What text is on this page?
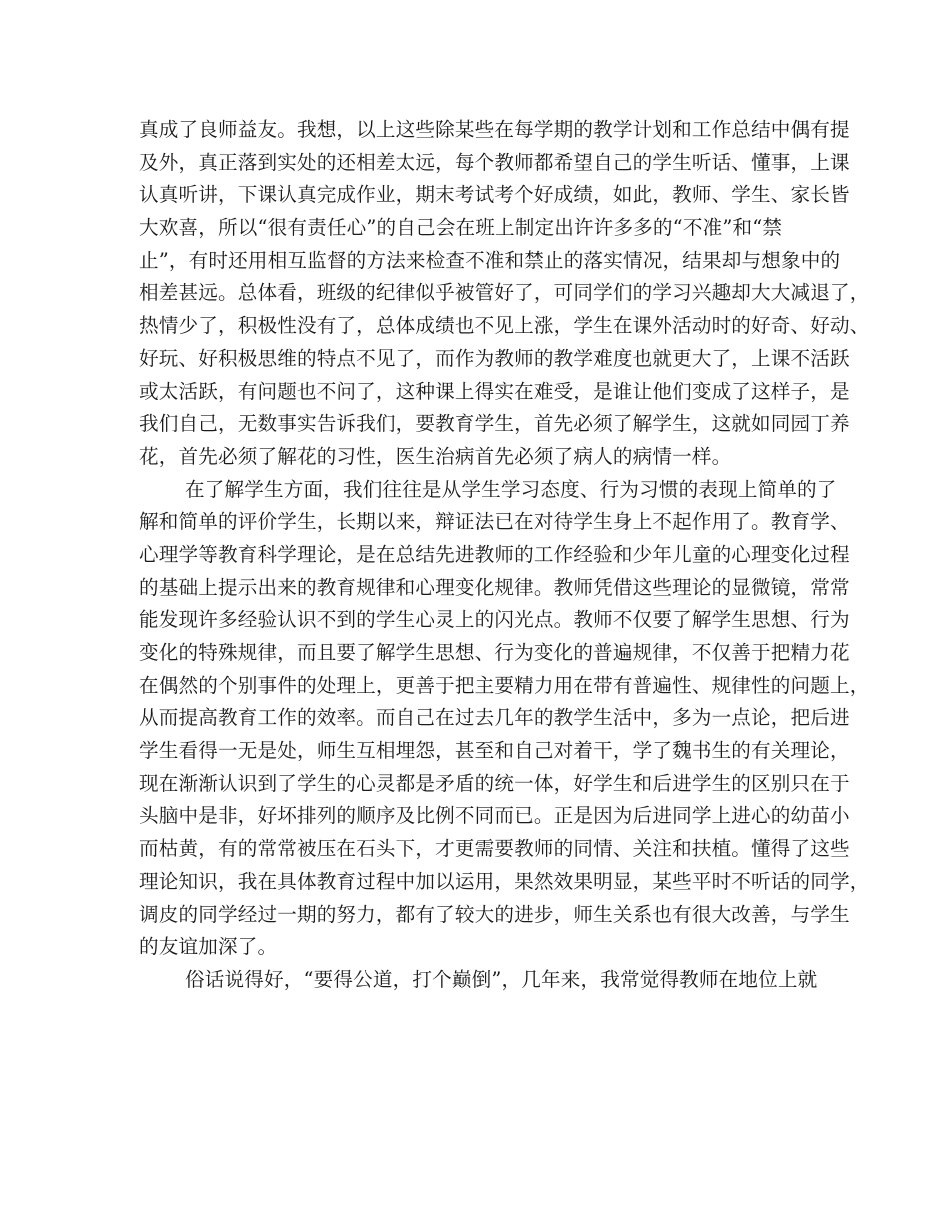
真成了良师益友。我想，以上这些除某些在每学期的教学计划和工作总结中偶有提
及外，真正落到实处的还相差太远，每个教师都希望自己的学生听话、懂事，上课
认真听讲，下课认真完成作业，期末考试考个好成绩，如此，教师、学生、家长皆
大欢喜，所以“很有责任心”的自己会在班上制定出许许多多的“不准”和“禁
止”，有时还用相互监督的方法来检查不准和禁止的落实情况，结果却与想象中的
相差甚远。总体看，班级的纪律似乎被管好了，可同学们的学习兴趣却大大减退了，
热情少了，积极性没有了，总体成绩也不见上涨，学生在课外活动时的好奇、好动、
好玩、好积极思维的特点不见了，而作为教师的教学难度也就更大了，上课不活跃
或太活跃，有问题也不问了，这种课上得实在难受，是谁让他们变成了这样子，是
我们自己，无数事实告诉我们，要教育学生，首先必须了解学生，这就如同园丁养
花，首先必须了解花的习性，医生治病首先必须了病人的病情一样。
在了解学生方面，我们往往是从学生学习态度、行为习惯的表现上简单的了
解和简单的评价学生，长期以来，辩证法已在对待学生身上不起作用了。教育学、
心理学等教育科学理论，是在总结先进教师的工作经验和少年儿童的心理变化过程
的基础上提示出来的教育规律和心理变化规律。教师凭借这些理论的显微镜，常常
能发现许多经验认识不到的学生心灵上的闪光点。教师不仅要了解学生思想、行为
变化的特殊规律，而且要了解学生思想、行为变化的普遍规律，不仅善于把精力花
在偶然的个别事件的处理上，更善于把主要精力用在带有普遍性、规律性的问题上，
从而提高教育工作的效率。而自己在过去几年的教学生活中，多为一点论，把后进
学生看得一无是处，师生互相埋怨，甚至和自己对着干，学了魏书生的有关理论，
现在渐渐认识到了学生的心灵都是矛盾的统一体，好学生和后进学生的区别只在于
头脑中是非，好坏排列的顺序及比例不同而已。正是因为后进同学上进心的幼苗小
而枯黄，有的常常被压在石头下，才更需要教师的同情、关注和扶植。懂得了这些
理论知识，我在具体教育过程中加以运用，果然效果明显，某些平时不听话的同学，
调皮的同学经过一期的努力，都有了较大的进步，师生关系也有很大改善，与学生
的友谊加深了。
俗话说得好，“要得公道，打个巅倒”，几年来，我常觉得教师在地位上就
